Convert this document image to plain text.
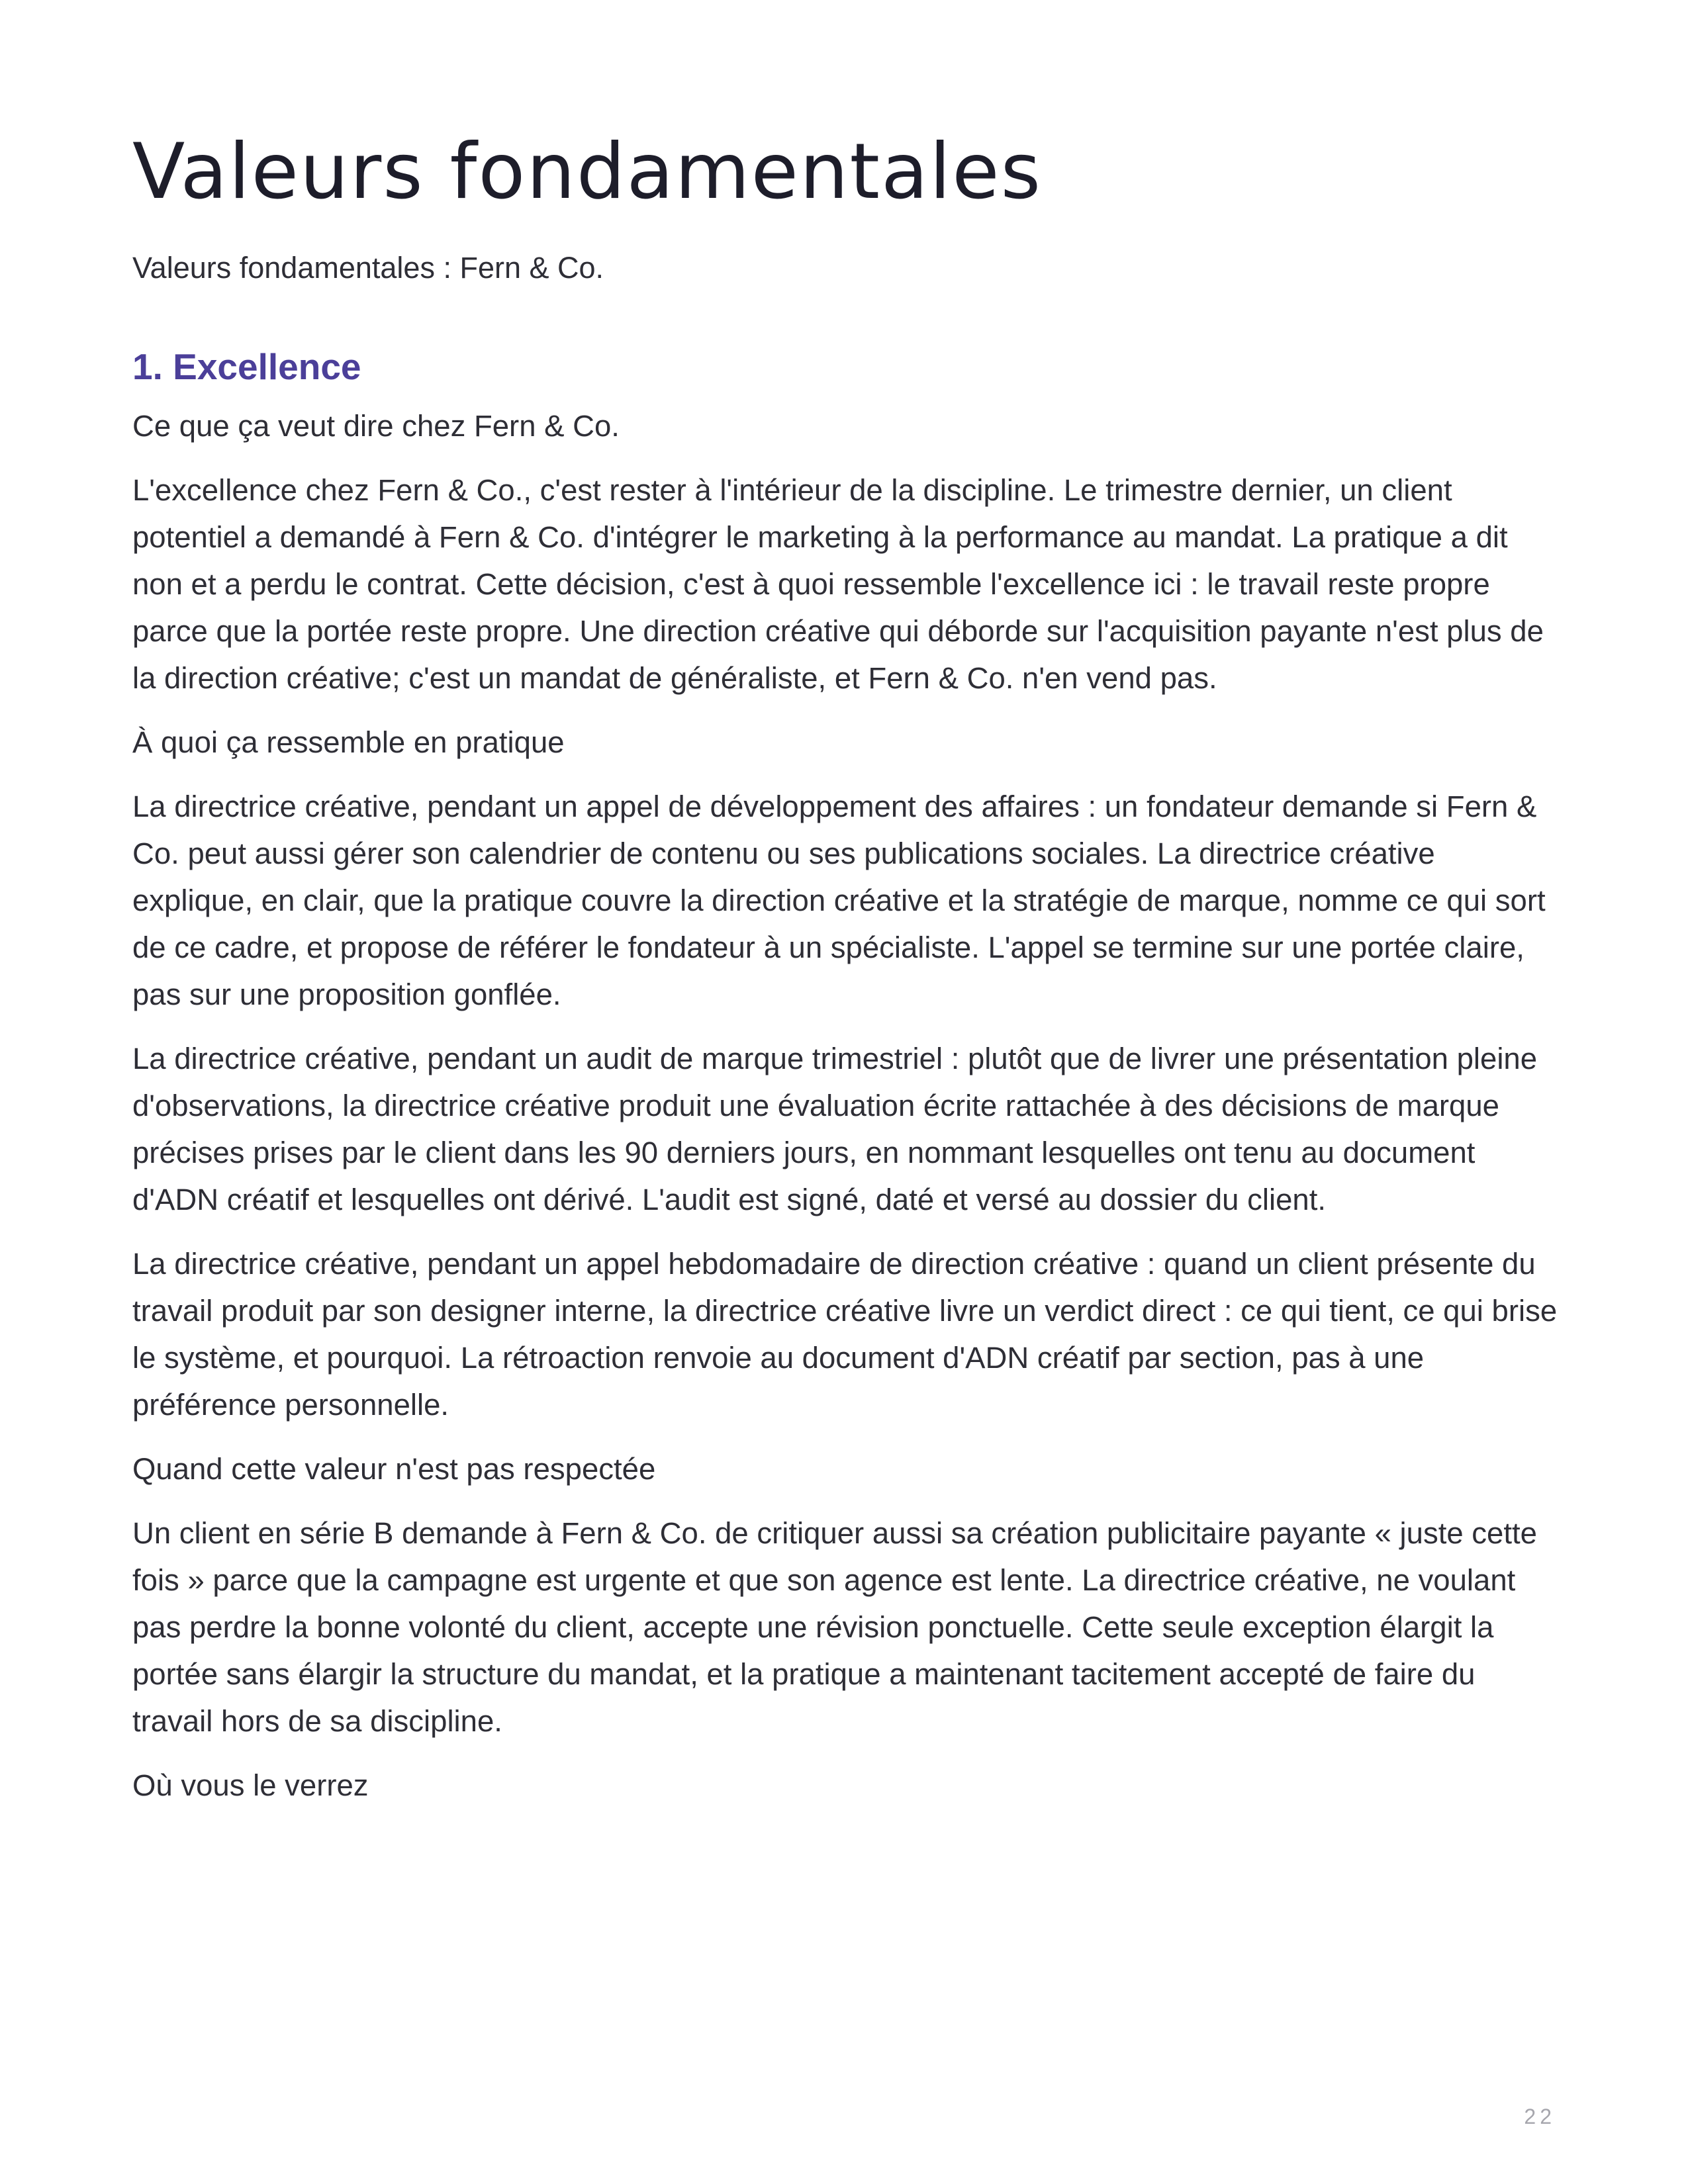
Valeurs fondamentales

Valeurs fondamentales : Fern & Co.

1. Excellence

Ce que ça veut dire chez Fern & Co.

L'excellence chez Fern & Co., c'est rester à l'intérieur de la discipline. Le trimestre dernier, un client potentiel a demandé à Fern & Co. d'intégrer le marketing à la performance au mandat. La pratique a dit non et a perdu le contrat. Cette décision, c'est à quoi ressemble l'excellence ici : le travail reste propre parce que la portée reste propre. Une direction créative qui déborde sur l'acquisition payante n'est plus de la direction créative; c'est un mandat de généraliste, et Fern & Co. n'en vend pas.

À quoi ça ressemble en pratique

La directrice créative, pendant un appel de développement des affaires : un fondateur demande si Fern & Co. peut aussi gérer son calendrier de contenu ou ses publications sociales. La directrice créative explique, en clair, que la pratique couvre la direction créative et la stratégie de marque, nomme ce qui sort de ce cadre, et propose de référer le fondateur à un spécialiste. L'appel se termine sur une portée claire, pas sur une proposition gonflée.

La directrice créative, pendant un audit de marque trimestriel : plutôt que de livrer une présentation pleine d'observations, la directrice créative produit une évaluation écrite rattachée à des décisions de marque précises prises par le client dans les 90 derniers jours, en nommant lesquelles ont tenu au document d'ADN créatif et lesquelles ont dérivé. L'audit est signé, daté et versé au dossier du client.

La directrice créative, pendant un appel hebdomadaire de direction créative : quand un client présente du travail produit par son designer interne, la directrice créative livre un verdict direct : ce qui tient, ce qui brise le système, et pourquoi. La rétroaction renvoie au document d'ADN créatif par section, pas à une préférence personnelle.

Quand cette valeur n'est pas respectée

Un client en série B demande à Fern & Co. de critiquer aussi sa création publicitaire payante « juste cette fois » parce que la campagne est urgente et que son agence est lente. La directrice créative, ne voulant pas perdre la bonne volonté du client, accepte une révision ponctuelle. Cette seule exception élargit la portée sans élargir la structure du mandat, et la pratique a maintenant tacitement accepté de faire du travail hors de sa discipline.

Où vous le verrez

22
